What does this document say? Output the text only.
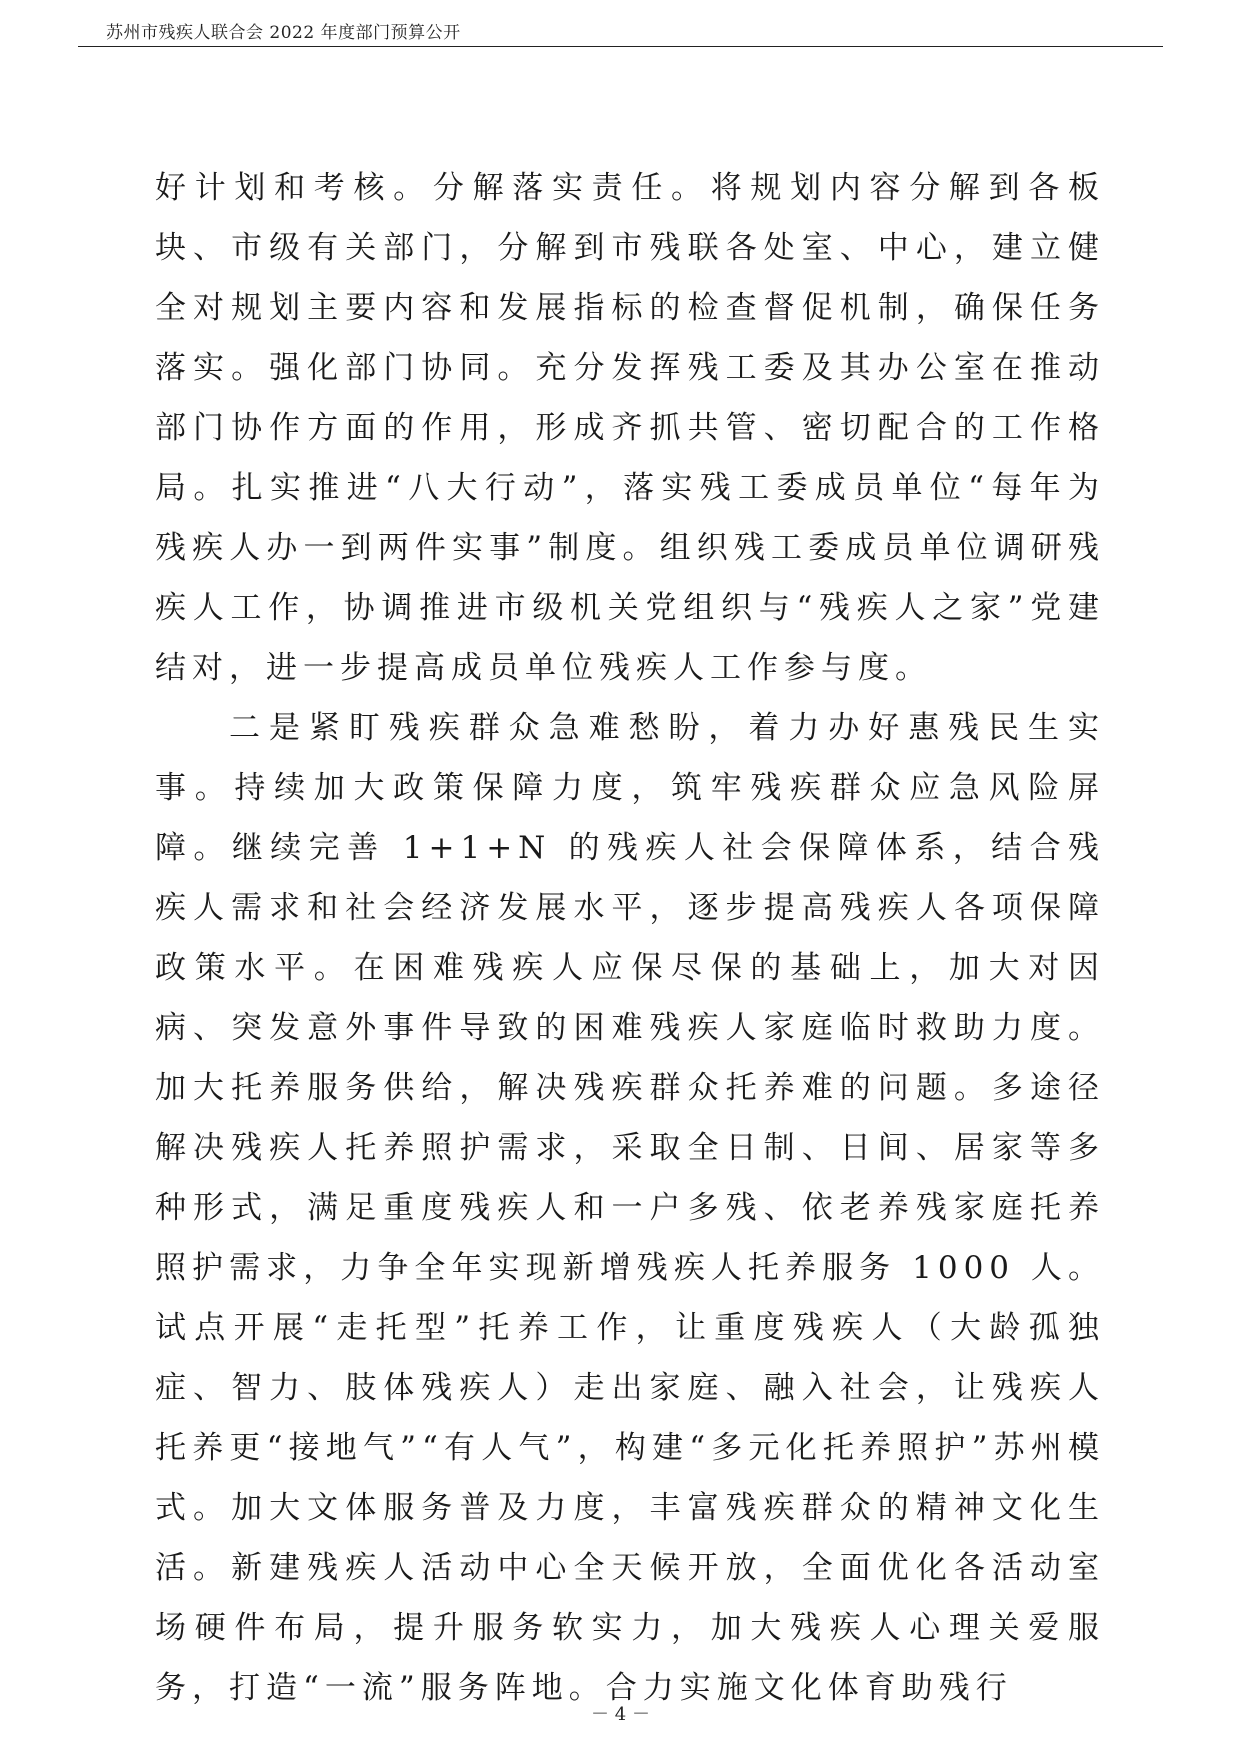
苏州市残疾人联合会 2022 年度部门预算公开

好计划和考核。分解落实责任。将规划内容分解到各板块、市级有关部门，分解到市残联各处室、中心，建立健全对规划主要内容和发展指标的检查督促机制，确保任务落实。强化部门协同。充分发挥残工委及其办公室在推动部门协作方面的作用，形成齐抓共管、密切配合的工作格局。扎实推进“八大行动”，落实残工委成员单位“每年为残疾人办一到两件实事”制度。组织残工委成员单位调研残疾人工作，协调推进市级机关党组织与“残疾人之家”党建结对，进一步提高成员单位残疾人工作参与度。

二是紧盯残疾群众急难愁盼，着力办好惠残民生实事。持续加大政策保障力度，筑牢残疾群众应急风险屏障。继续完善 1+1+N 的残疾人社会保障体系，结合残疾人需求和社会经济发展水平，逐步提高残疾人各项保障政策水平。在困难残疾人应保尽保的基础上，加大对因病、突发意外事件导致的困难残疾人家庭临时救助力度。加大托养服务供给，解决残疾群众托养难的问题。多途径解决残疾人托养照护需求，采取全日制、日间、居家等多种形式，满足重度残疾人和一户多残、依老养残家庭托养照护需求，力争全年实现新增残疾人托养服务 1000 人。试点开展“走托型”托养工作，让重度残疾人（大龄孤独症、智力、肢体残疾人）走出家庭、融入社会，让残疾人托养更“接地气”“有人气”，构建“多元化托养照护”苏州模式。加大文体服务普及力度，丰富残疾群众的精神文化生活。新建残疾人活动中心全天候开放，全面优化各活动室场硬件布局，提升服务软实力，加大残疾人心理关爱服务，打造“一流”服务阵地。合力实施文化体育助残行

－ 4 －
